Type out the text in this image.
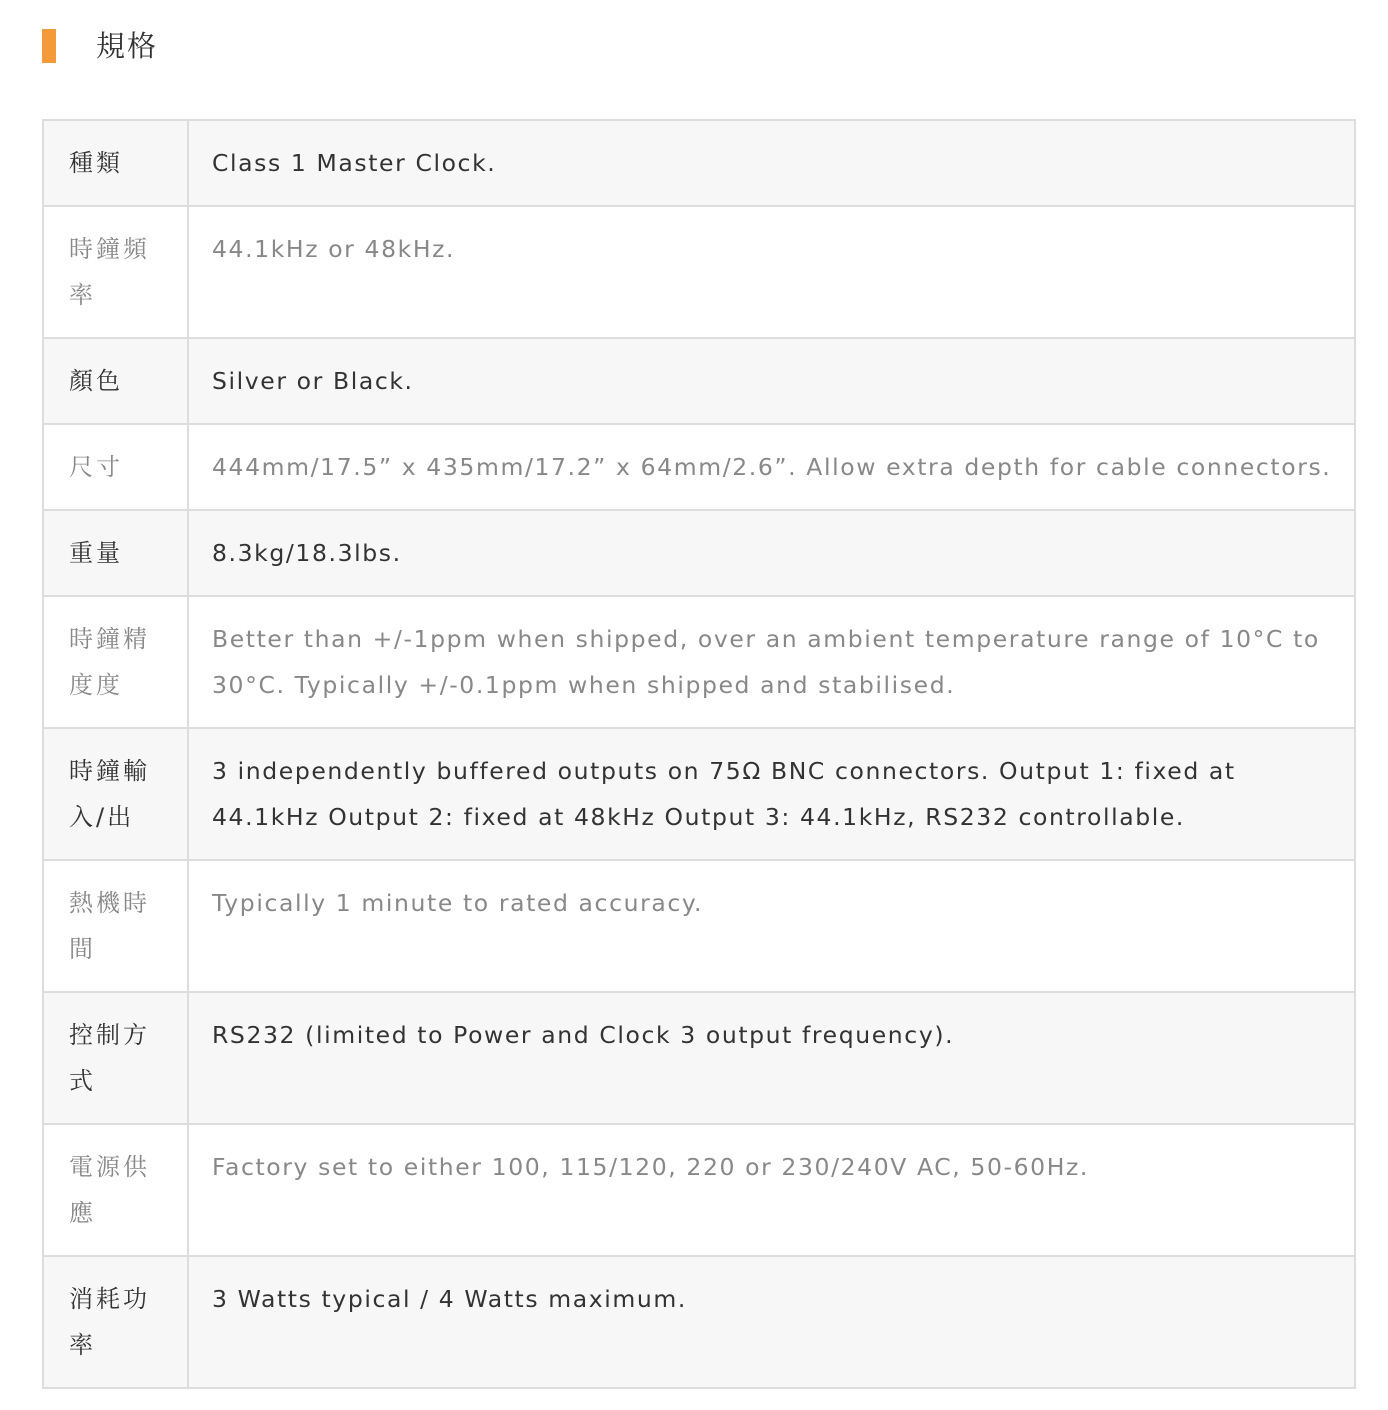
規格
種類	Class 1 Master Clock.
時鐘頻率	44.1kHz or 48kHz.
顏色	Silver or Black.
尺寸	444mm/17.5” x 435mm/17.2” x 64mm/2.6”. Allow extra depth for cable connectors.
重量	8.3kg/18.3lbs.
時鐘精度度	Better than +/-1ppm when shipped, over an ambient temperature range of 10°C to 30°C. Typically +/-0.1ppm when shipped and stabilised.
時鐘輸入/出	3 independently buffered outputs on 75Ω BNC connectors. Output 1: fixed at 44.1kHz Output 2: fixed at 48kHz Output 3: 44.1kHz, RS232 controllable.
熱機時間	Typically 1 minute to rated accuracy.
控制方式	RS232 (limited to Power and Clock 3 output frequency).
電源供應	Factory set to either 100, 115/120, 220 or 230/240V AC, 50-60Hz.
消耗功率	3 Watts typical / 4 Watts maximum.
